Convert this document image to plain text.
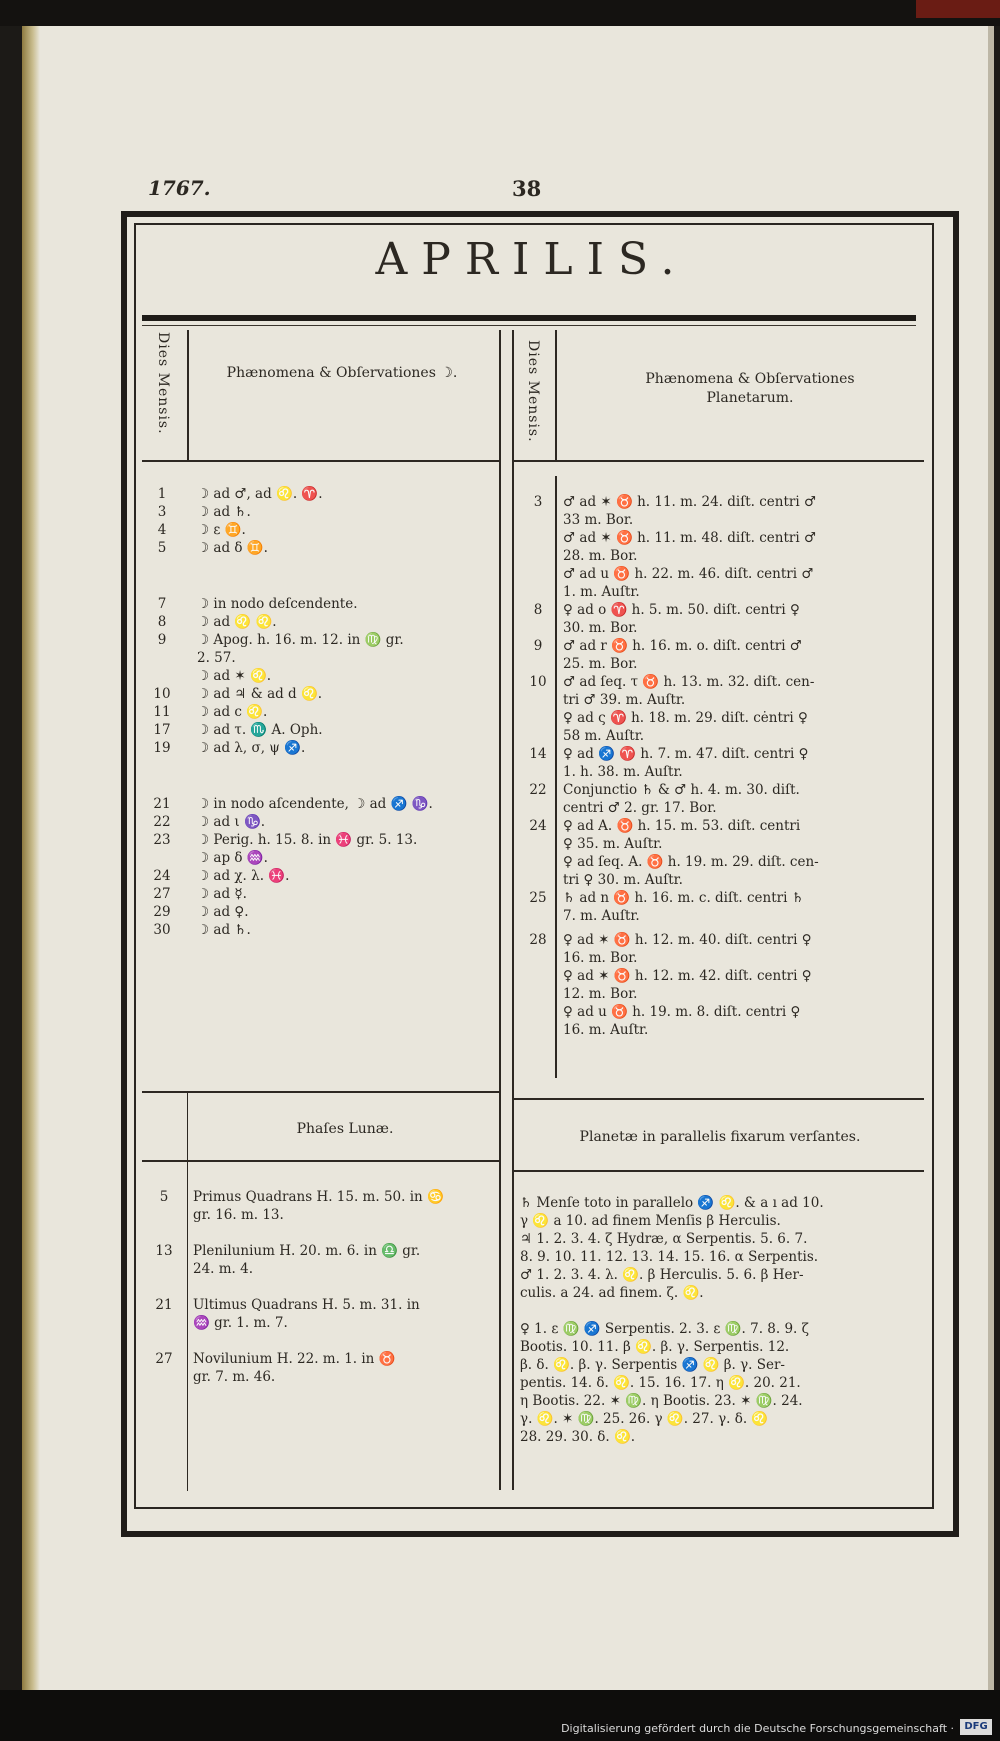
1767.	38
APRILIS.
Dies Mensis.	Phænomena & Obſervationes ☽.	Dies Mensis.	Phænomena & Obſervationes Planetarum.
Phaſes Lunæ.	Planetæ in parallelis fixarum verſantes.
1	☽ ad ♂, ad ♌. ♈.
3	☽ ad ♄.
4	☽ ε ♊.
5	☽ ad δ ♊.
7	☽ in nodo deſcendente.
8	☽ ad ♌ ♌.
9	☽ Apog. h. 16. m. 12. in ♍ gr.
2. 57.
☽ ad ✶ ♌.
10	☽ ad ♃ & ad d ♌.
11	☽ ad c ♌.
17	☽ ad τ. ♏ A. Oph.
19	☽ ad λ, σ, ψ ♐.
21	☽ in nodo aſcendente, ☽ ad ♐ ♑.
22	☽ ad ι ♑.
23	☽ Perig. h. 15. 8. in ♓ gr. 5. 13.
☽ ap δ ♒.
24	☽ ad χ. λ. ♓.
27	☽ ad ☿.
29	☽ ad ♀.
30	☽ ad ♄.
3	♂ ad ✶ ♉ h. 11. m. 24. diſt. centri ♂
33 m. Bor.
♂ ad ✶ ♉ h. 11. m. 48. diſt. centri ♂
28. m. Bor.
♂ ad u ♉ h. 22. m. 46. diſt. centri ♂
1. m. Auſtr.
8	♀ ad o ♈ h. 5. m. 50. diſt. centri ♀
30. m. Bor.
9	♂ ad r ♉ h. 16. m. o. diſt. centri ♂
25. m. Bor.
10	♂ ad ſeq. τ ♉ h. 13. m. 32. diſt. cen-
tri ♂ 39. m. Auſtr.
♀ ad ς ♈ h. 18. m. 29. diſt. cėntri ♀
58 m. Auſtr.
14	♀ ad ♐ ♈ h. 7. m. 47. diſt. centri ♀
1. h. 38. m. Auſtr.
22	Conjunctio ♄ & ♂ h. 4. m. 30. diſt.
centri ♂ 2. gr. 17. Bor.
24	♀ ad A. ♉ h. 15. m. 53. diſt. centri
♀ 35. m. Auſtr.
♀ ad ſeq. A. ♉ h. 19. m. 29. diſt. cen-
tri ♀ 30. m. Auſtr.
25	♄ ad n ♉ h. 16. m. c. diſt. centri ♄
7. m. Auſtr.
28	♀ ad ✶ ♉ h. 12. m. 40. diſt. centri ♀
16. m. Bor.
♀ ad ✶ ♉ h. 12. m. 42. diſt. centri ♀
12. m. Bor.
♀ ad u ♉ h. 19. m. 8. diſt. centri ♀
16. m. Auſtr.
5	Primus Quadrans H. 15. m. 50. in ♋
gr. 16. m. 13.
13	Plenilunium H. 20. m. 6. in ♎ gr.
24. m. 4.
21	Ultimus Quadrans H. 5. m. 31. in
♒ gr. 1. m. 7.
27	Novilunium H. 22. m. 1. in ♉
gr. 7. m. 46.
♄ Menſe toto in parallelo ♐ ♌. & a ı ad 10.
γ ♌ a 10. ad finem Menſis β Herculis.
♃ 1. 2. 3. 4. ζ Hydræ, α Serpentis. 5. 6. 7.
8. 9. 10. 11. 12. 13. 14. 15. 16. α Serpentis.
♂ 1. 2. 3. 4. λ. ♌. β Herculis. 5. 6. β Her-
culis. a 24. ad finem. ζ. ♌.
♀ 1. ε ♍ ♐ Serpentis. 2. 3. ε ♍. 7. 8. 9. ζ
Bootis. 10. 11. β ♌. β. γ. Serpentis. 12.
β. δ. ♌. β. γ. Serpentis ♐ ♌ β. γ. Ser-
pentis. 14. δ. ♌. 15. 16. 17. η ♌. 20. 21.
η Bootis. 22. ✶ ♍. η Bootis. 23. ✶ ♍. 24.
γ. ♌. ✶ ♍. 25. 26. γ ♌. 27. γ. δ. ♌
28. 29. 30. δ. ♌.
Digitalisierung gefördert durch die Deutsche Forschungsgemeinschaft ·	DFG
